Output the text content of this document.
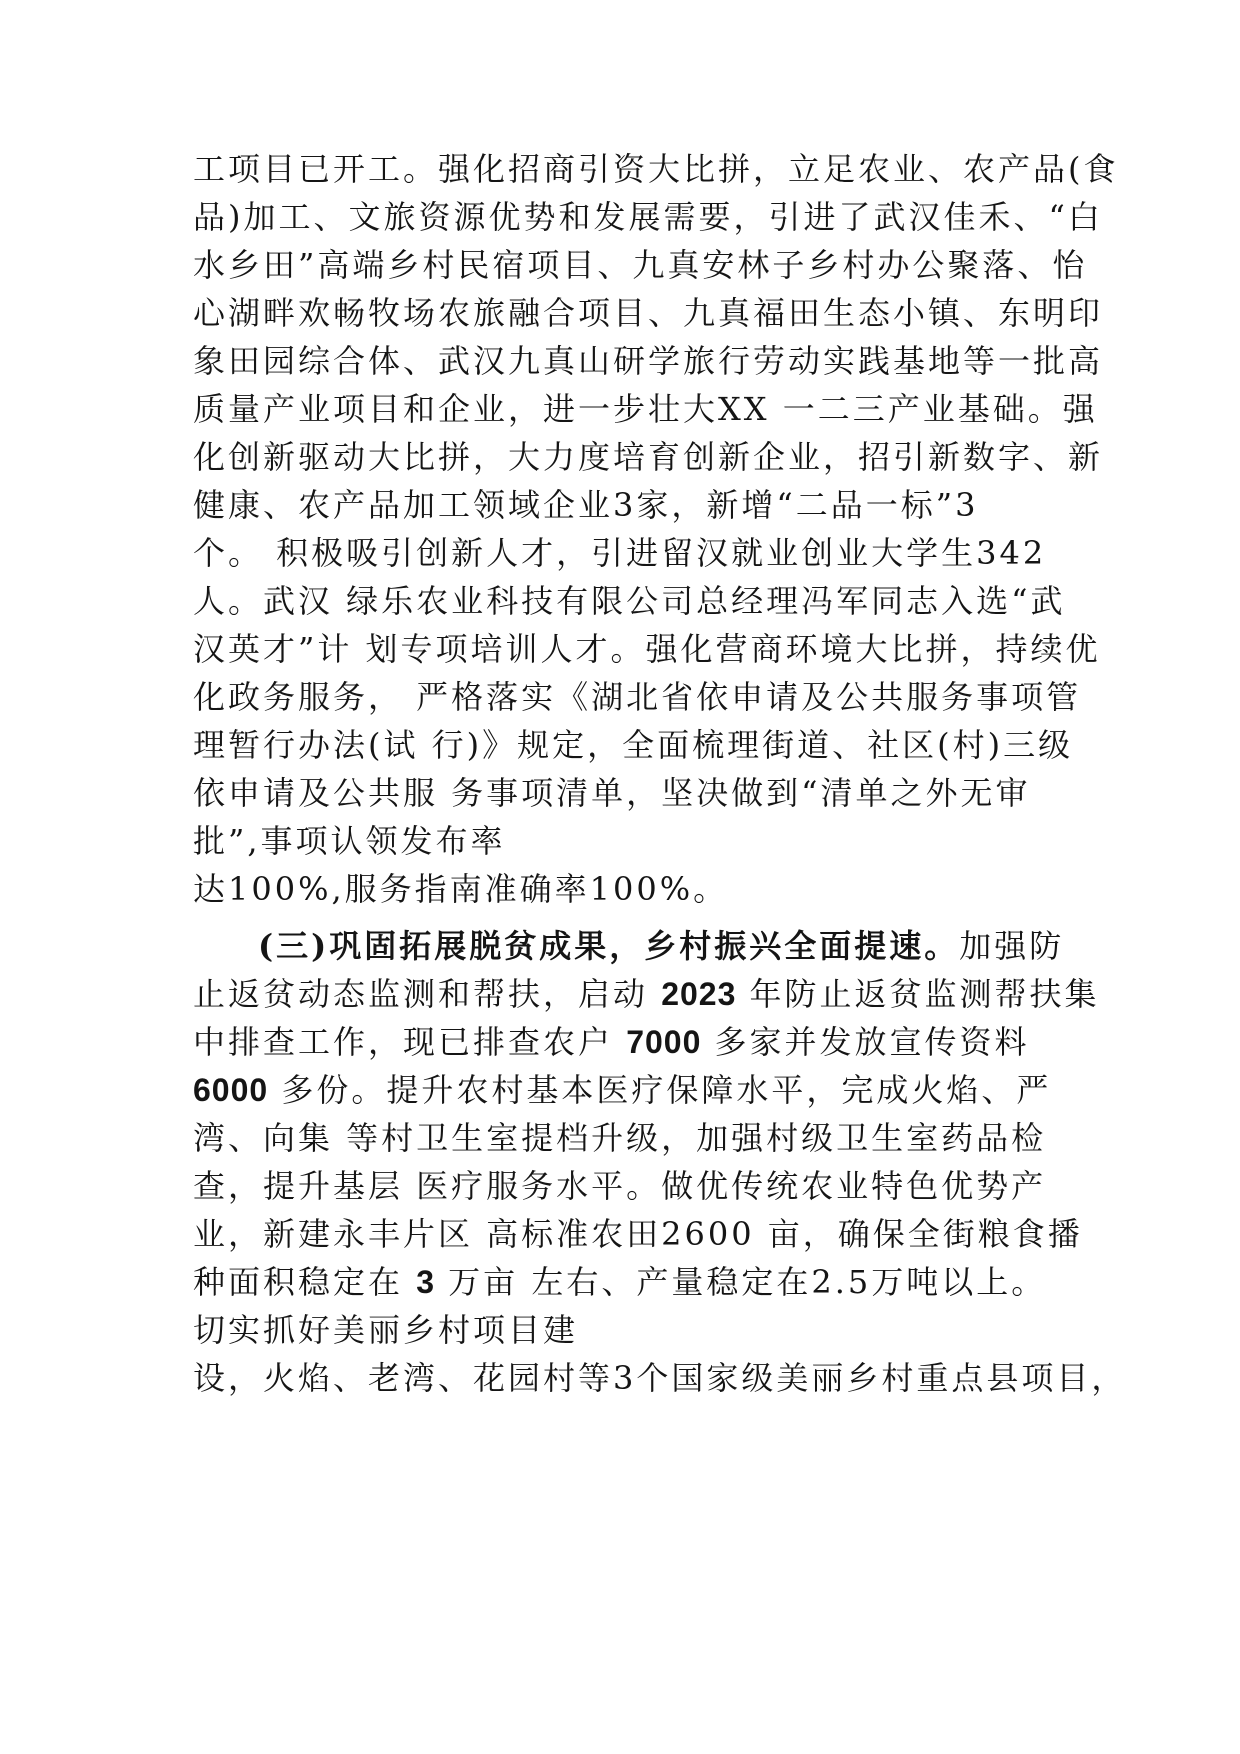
工项目已开工。强化招商引资大比拼，立足农业、农产品(食
品)加工、文旅资源优势和发展需要，引进了武汉佳禾、“白
水乡田”高端乡村民宿项目、九真安林子乡村办公聚落、怡
心湖畔欢畅牧场农旅融合项目、九真福田生态小镇、东明印
象田园综合体、武汉九真山研学旅行劳动实践基地等一批高
质量产业项目和企业，进一步壮大XX 一二三产业基础。强
化创新驱动大比拼，大力度培育创新企业，招引新数字、新
健康、农产品加工领域企业3家，新增“二品一标”3
个。 积极吸引创新人才，引进留汉就业创业大学生342
人。武汉 绿乐农业科技有限公司总经理冯军同志入选“武
汉英才”计 划专项培训人才。强化营商环境大比拼，持续优
化政务服务， 严格落实《湖北省依申请及公共服务事项管
理暂行办法(试 行)》规定，全面梳理街道、社区(村)三级
依申请及公共服 务事项清单，坚决做到“清单之外无审
批”,事项认领发布率
达100%,服务指南准确率100%。
(三)巩固拓展脱贫成果，乡村振兴全面提速。加强防
止返贫动态监测和帮扶，启动 2023 年防止返贫监测帮扶集
中排查工作，现已排查农户 7000 多家并发放宣传资料
6000 多份。提升农村基本医疗保障水平，完成火焰、严
湾、向集 等村卫生室提档升级，加强村级卫生室药品检
查，提升基层 医疗服务水平。做优传统农业特色优势产
业，新建永丰片区 高标准农田2600 亩，确保全街粮食播
种面积稳定在 3 万亩 左右、产量稳定在2.5万吨以上。
切实抓好美丽乡村项目建
设，火焰、老湾、花园村等3个国家级美丽乡村重点县项目，
